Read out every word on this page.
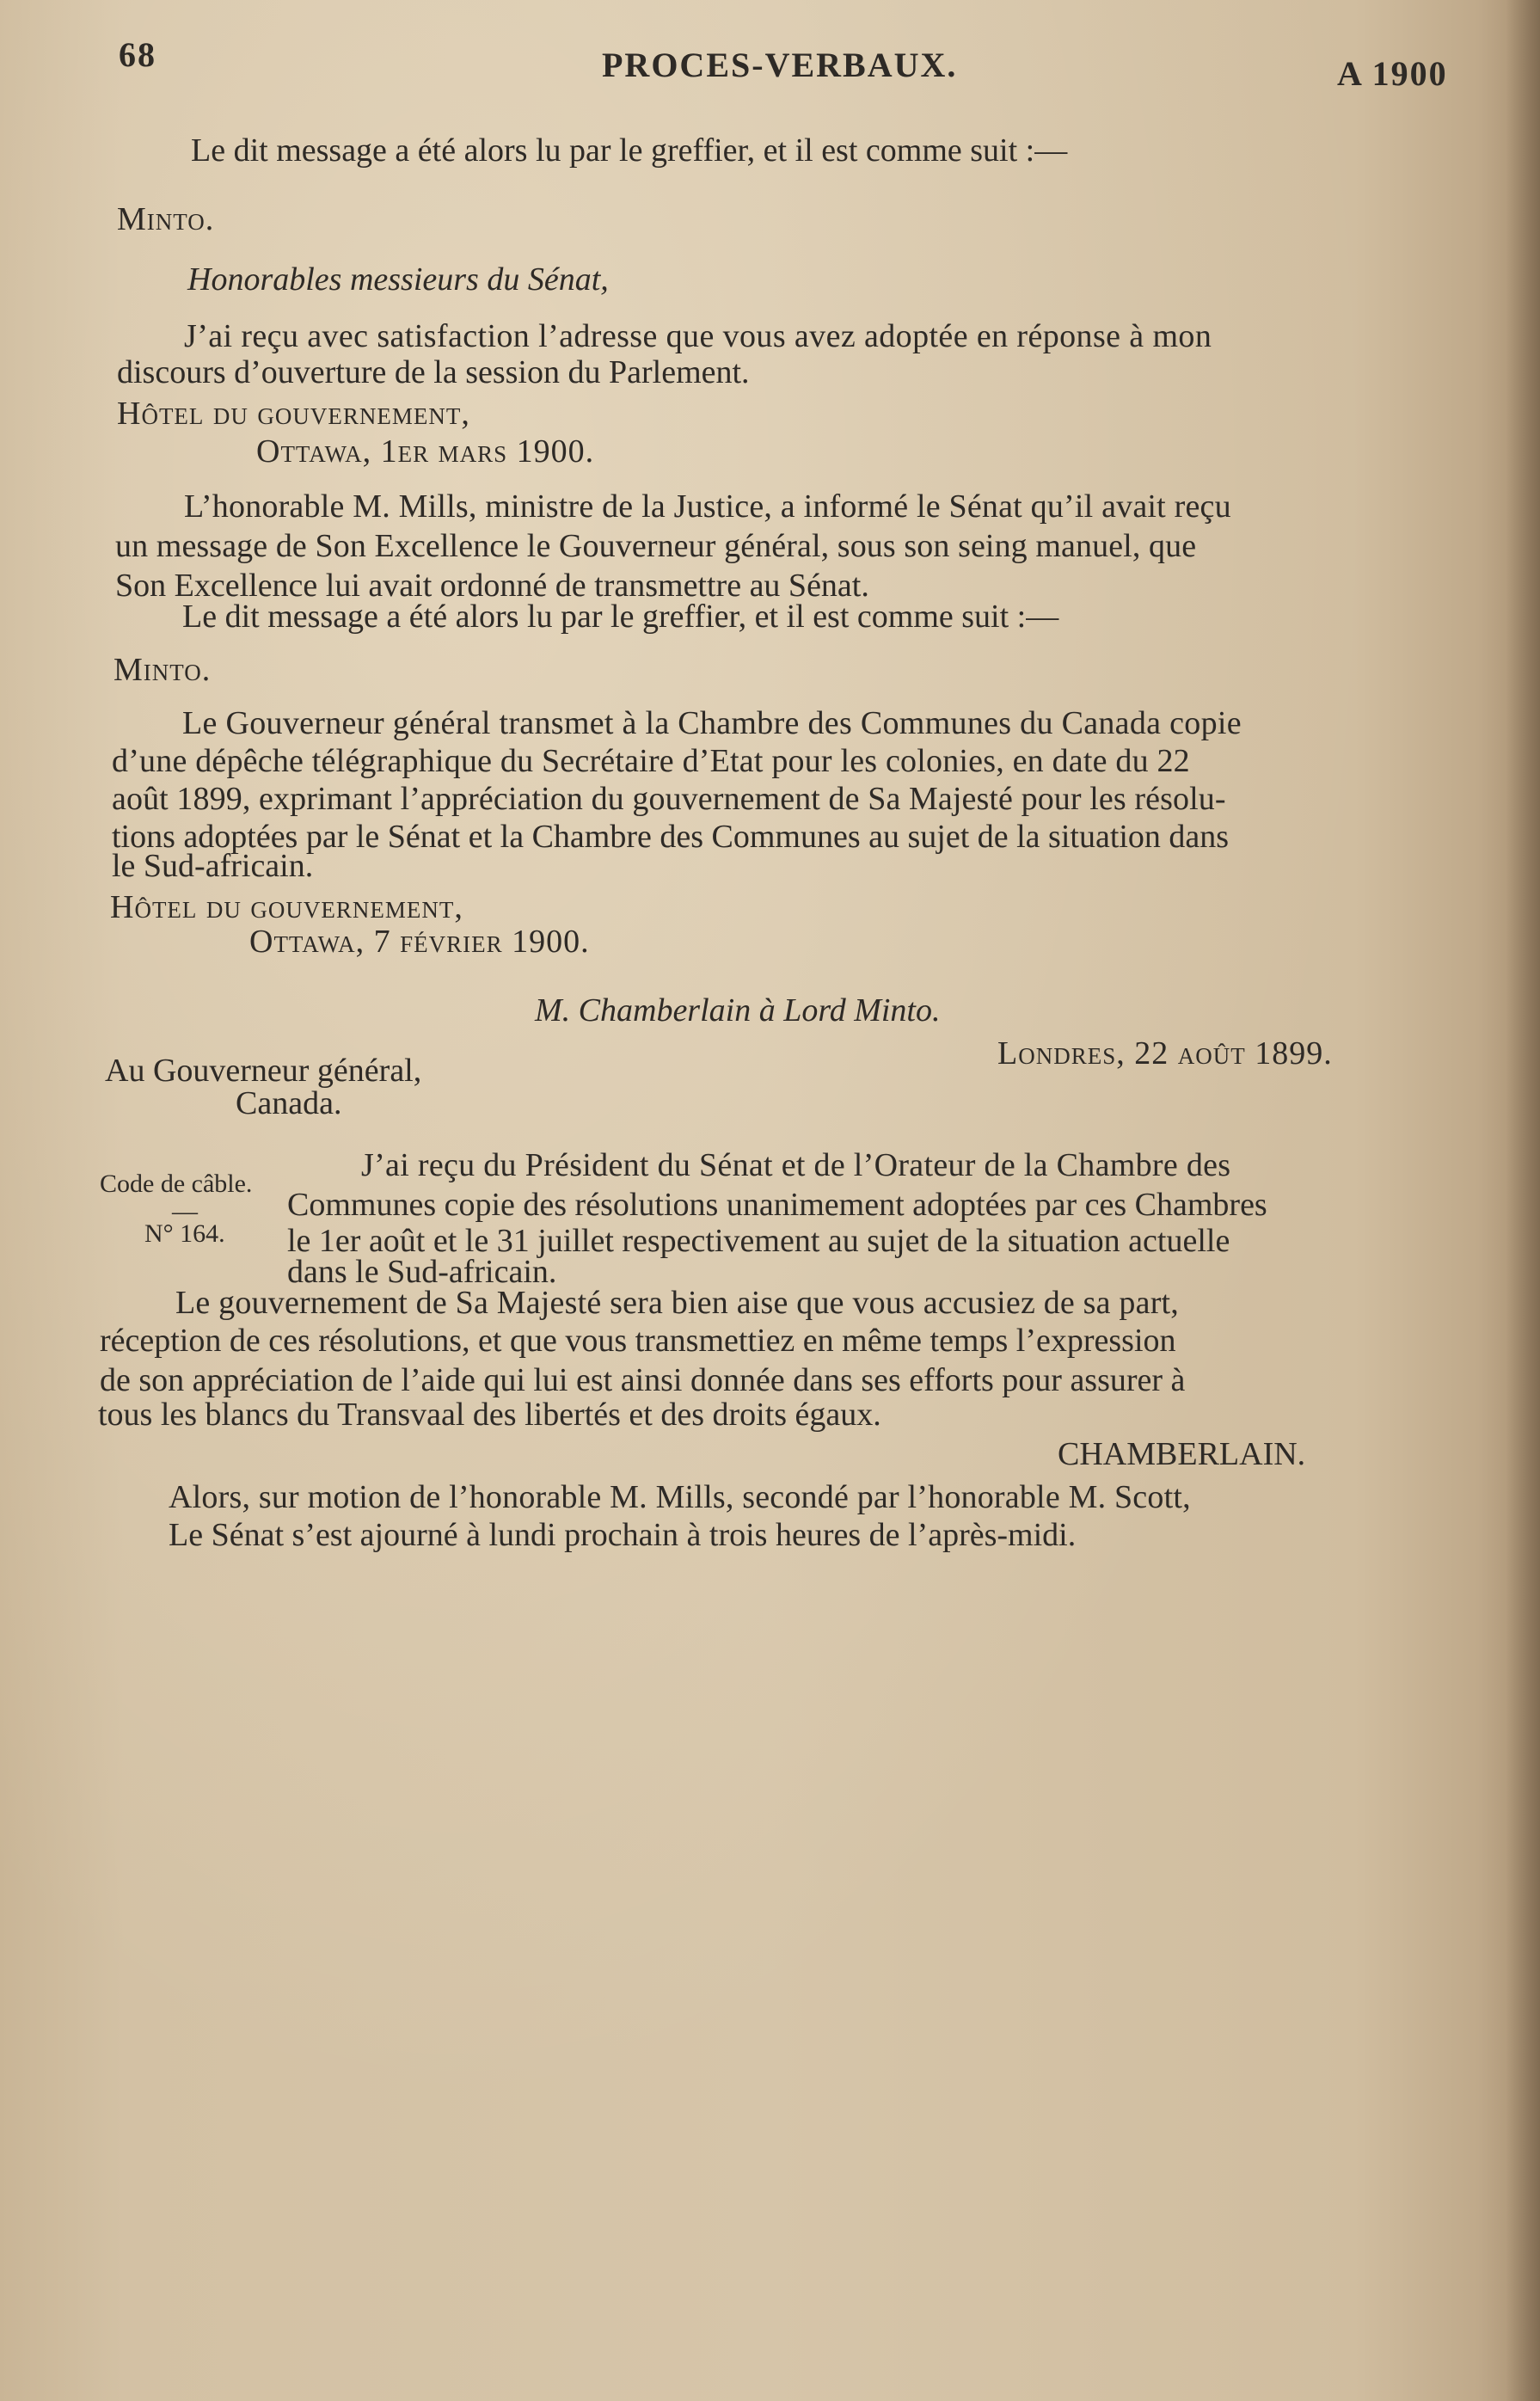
68	PROCES-VERBAUX.	A 1900
Le dit message a été alors lu par le greffier, et il est comme suit :—
Minto.
Honorables messieurs du Sénat,
J’ai reçu avec satisfaction l’adresse que vous avez adoptée en réponse à mon
discours d’ouverture de la session du Parlement.
Hôtel du gouvernement,
Ottawa, 1er mars 1900.
L’honorable M. Mills, ministre de la Justice, a informé le Sénat qu’il avait reçu
un message de Son Excellence le Gouverneur général, sous son seing manuel, que
Son Excellence lui avait ordonné de transmettre au Sénat.
Le dit message a été alors lu par le greffier, et il est comme suit :—
Minto.
Le Gouverneur général transmet à la Chambre des Communes du Canada copie
d’une dépêche télégraphique du Secrétaire d’Etat pour les colonies, en date du 22
août 1899, exprimant l’appréciation du gouvernement de Sa Majesté pour les résolu-
tions adoptées par le Sénat et la Chambre des Communes au sujet de la situation dans
le Sud-africain.
Hôtel du gouvernement,
Ottawa, 7 février 1900.
M. Chamberlain à Lord Minto.
Londres, 22 août 1899.
Au Gouverneur général,
Canada.
J’ai reçu du Président du Sénat et de l’Orateur de la Chambre des
Communes copie des résolutions unanimement adoptées par ces Chambres
le 1er août et le 31 juillet respectivement au sujet de la situation actuelle
dans le Sud-africain.
Code de câble.
—
N° 164.
Le gouvernement de Sa Majesté sera bien aise que vous accusiez de sa part,
réception de ces résolutions, et que vous transmettiez en même temps l’expression
de son appréciation de l’aide qui lui est ainsi donnée dans ses efforts pour assurer à
tous les blancs du Transvaal des libertés et des droits égaux.
CHAMBERLAIN.
Alors, sur motion de l’honorable M. Mills, secondé par l’honorable M. Scott,
Le Sénat s’est ajourné à lundi prochain à trois heures de l’après-midi.
